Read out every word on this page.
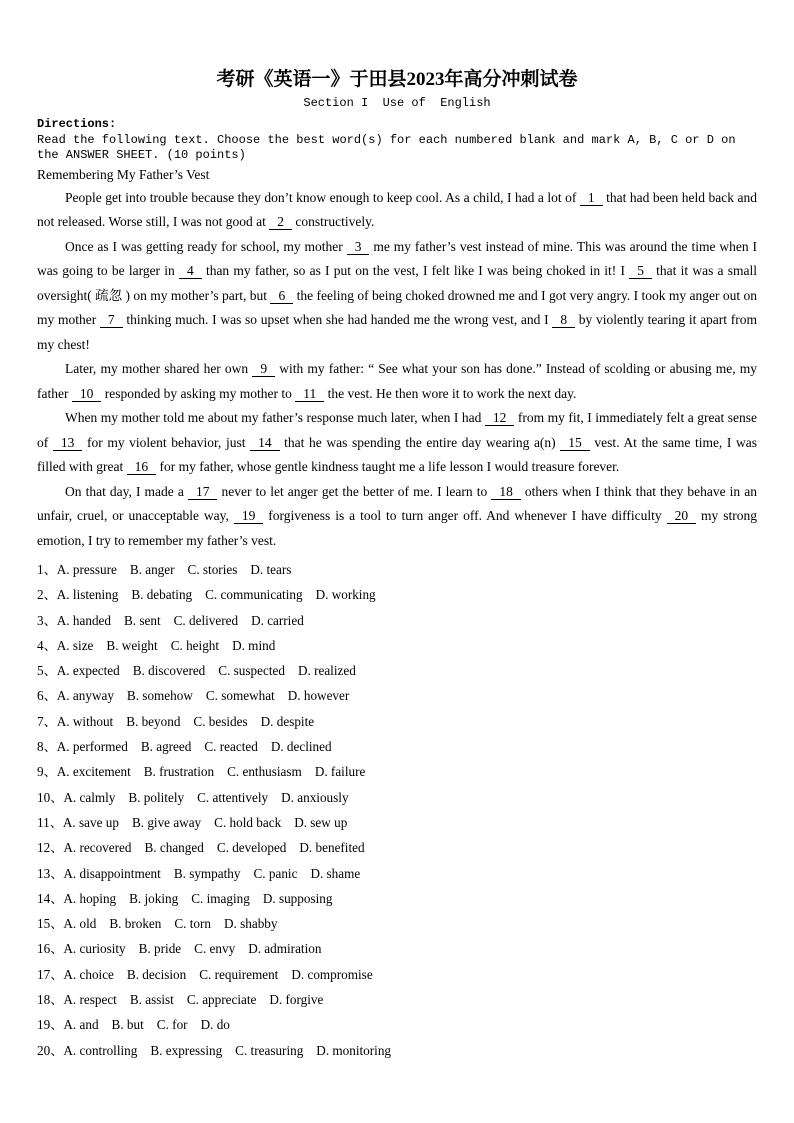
考研《英语一》于田县2023年高分冲刺试卷
Section I  Use of  English
Directions:
Read the following text. Choose the best word(s) for each numbered blank and mark A, B, C or D on the ANSWER SHEET. (10 points)
Remembering My Father’s Vest

People get into trouble because they don’t know enough to keep cool. As a child, I had a lot of 1 that had been held back and not released. Worse still, I was not good at 2 constructively.

Once as I was getting ready for school, my mother 3 me my father’s vest instead of mine. This was around the time when I was going to be larger in 4 than my father, so as I put on the vest, I felt like I was being choked in it! I 5 that it was a small oversight( 疏忽 ) on my mother’s part, but 6 the feeling of being choked drowned me and I got very angry. I took my anger out on my mother 7 thinking much. I was so upset when she had handed me the wrong vest, and I 8 by violently tearing it apart from my chest!

Later, my mother shared her own 9 with my father: “ See what your son has done.” Instead of scolding or abusing me, my father 10 responded by asking my mother to 11 the vest. He then wore it to work the next day.

When my mother told me about my father’s response much later, when I had 12 from my fit, I immediately felt a great sense of 13 for my violent behavior, just 14 that he was spending the entire day wearing a(n) 15 vest. At the same time, I was filled with great 16 for my father, whose gentle kindness taught me a life lesson I would treasure forever.

On that day, I made a 17 never to let anger get the better of me. I learn to 18 others when I think that they behave in an unfair, cruel, or unacceptable way, 19 forgiveness is a tool to turn anger off. And whenever I have difficulty 20 my strong emotion, I try to remember my father’s vest.

1、A. pressure B. anger C. stories D. tears
2、A. listening B. debating C. communicating D. working
3、A. handed B. sent C. delivered D. carried
4、A. size B. weight C. height D. mind
5、A. expected B. discovered C. suspected D. realized
6、A. anyway B. somehow C. somewhat D. however
7、A. without B. beyond C. besides D. despite
8、A. performed B. agreed C. reacted D. declined
9、A. excitement B. frustration C. enthusiasm D. failure
10、A. calmly B. politely C. attentively D. anxiously
11、A. save up B. give away C. hold back D. sew up
12、A. recovered B. changed C. developed D. benefited
13、A. disappointment B. sympathy C. panic D. shame
14、A. hoping B. joking C. imaging D. supposing
15、A. old B. broken C. torn D. shabby
16、A. curiosity B. pride C. envy D. admiration
17、A. choice B. decision C. requirement D. compromise
18、A. respect B. assist C. appreciate D. forgive
19、A. and B. but C. for D. do
20、A. controlling B. expressing C. treasuring D. monitoring
